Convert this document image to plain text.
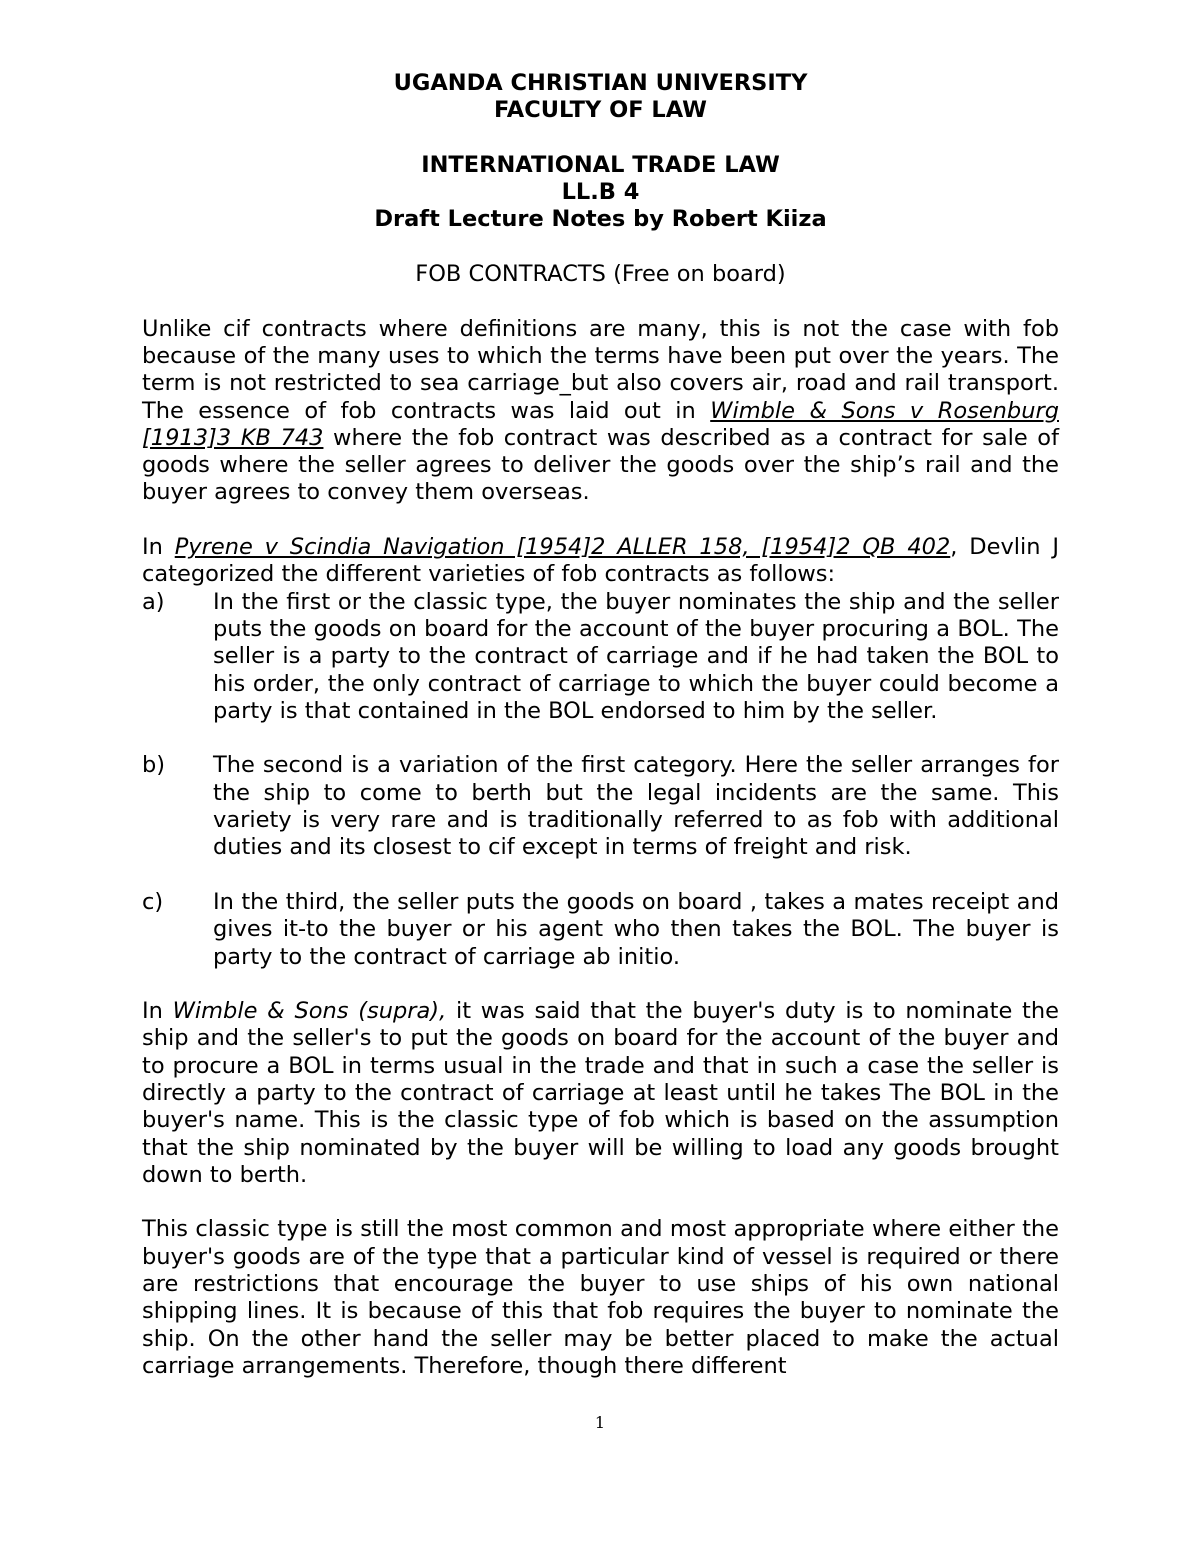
UGANDA CHRISTIAN UNIVERSITY
FACULTY OF LAW
INTERNATIONAL TRADE LAW
LL.B 4
Draft Lecture Notes by Robert Kiiza
FOB CONTRACTS (Free on board)

Unlike cif contracts where definitions are many, this is not the case with fob because of the many uses to which the terms have been put over the years. The term is not restricted to sea carriage_but also covers air, road and rail transport. The essence of fob contracts was laid out in Wimble & Sons v Rosenburg [1913]3 KB 743 where the fob contract was described as a contract for sale of goods where the seller agrees to deliver the goods over the ship’s rail and the buyer agrees to convey them overseas.

In Pyrene v Scindia Navigation [1954]2 ALLER 158, [1954]2 QB 402, Devlin J categorized the different varieties of fob contracts as follows:

a)	In the first or the classic type, the buyer nominates the ship and the seller puts the goods on board for the account of the buyer procuring a BOL. The seller is a party to the contract of carriage and if he had taken the BOL to his order, the only contract of carriage to which the buyer could become a party is that contained in the BOL endorsed to him by the seller.
b)	The second is a variation of the first category. Here the seller arranges for the ship to come to berth but the legal incidents are the same. This variety is very rare and is traditionally referred to as fob with additional duties and its closest to cif except in terms of freight and risk.
c)	In the third, the seller puts the goods on board , takes a mates receipt and gives it-to the buyer or his agent who then takes the BOL. The buyer is party to the contract of carriage ab initio.

In Wimble & Sons (supra), it was said that the buyer's duty is to nominate the ship and the seller's to put the goods on board for the account of the buyer and to procure a BOL in terms usual in the trade and that in such a case the seller is directly a party to the contract of carriage at least until he takes The BOL in the buyer's name. This is the classic type of fob which is based on the assumption that the ship nominated by the buyer will be willing to load any goods brought down to berth.

This classic type is still the most common and most appropriate where either the buyer's goods are of the type that a particular kind of vessel is required or there are restrictions that encourage the buyer to use ships of his own national shipping lines. It is because of this that fob requires the buyer to nominate the ship. On the other hand the seller may be better placed to make the actual carriage arrangements. Therefore, though there different

1
